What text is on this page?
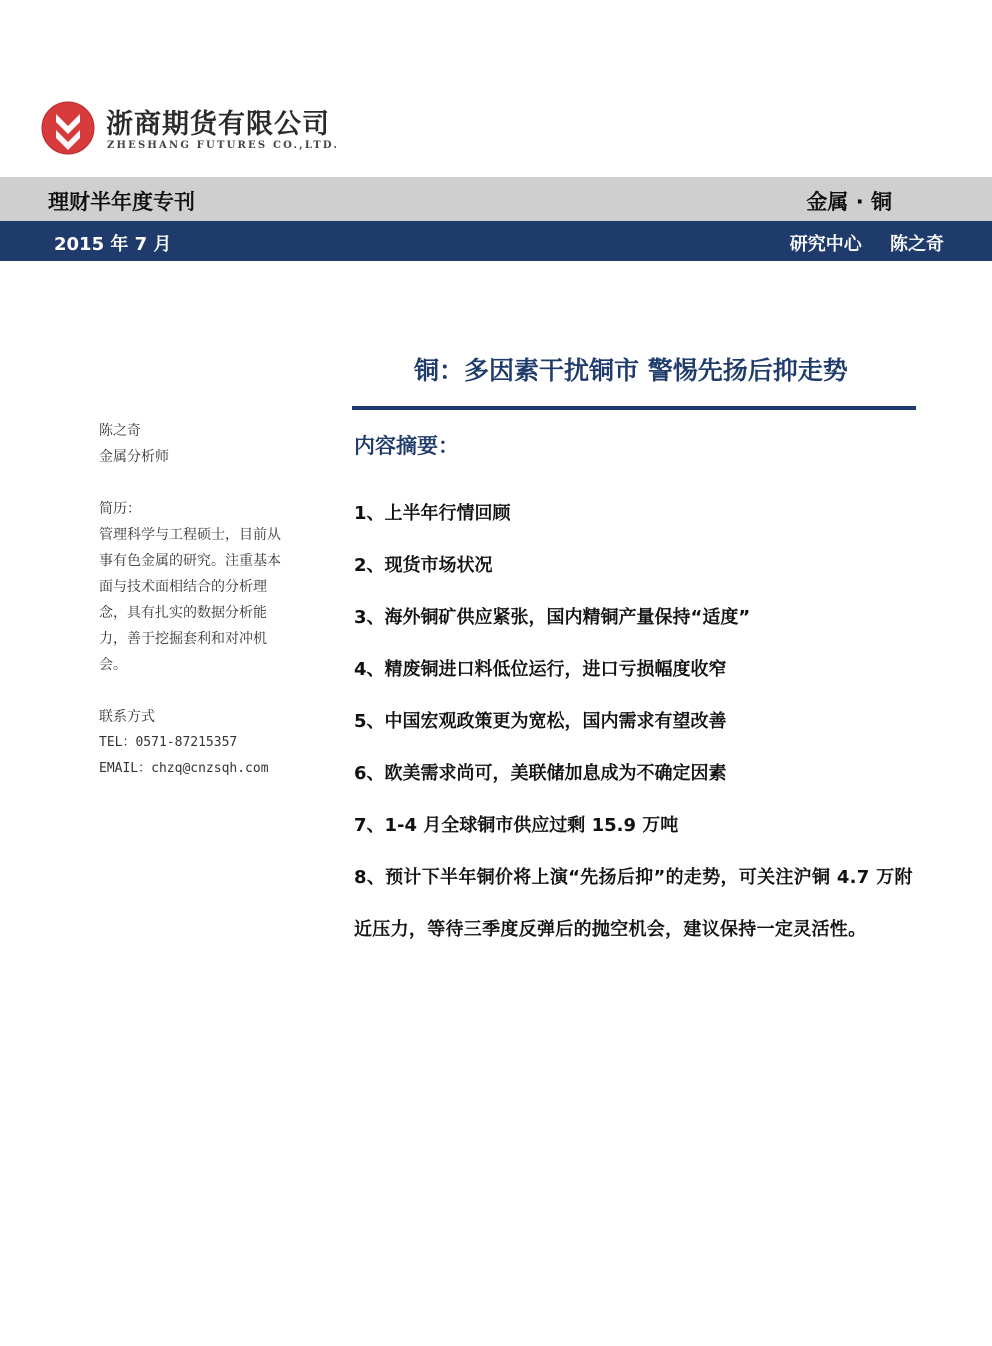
浙商期货有限公司
ZHESHANG FUTURES CO.,LTD.
理财半年度专刊	金属 · 铜
2015 年 7 月	研究中心 陈之奇
铜：多因素干扰铜市 警惕先扬后抑走势
陈之奇
金属分析师
简历：
管理科学与工程硕士，目前从
事有色金属的研究。注重基本
面与技术面相结合的分析理
念，具有扎实的数据分析能
力，善于挖掘套利和对冲机
会。
联系方式
TEL：0571-87215357
EMAIL：chzq@cnzsqh.com
内容摘要：
1、上半年行情回顾
2、现货市场状况
3、海外铜矿供应紧张，国内精铜产量保持“适度”
4、精废铜进口料低位运行，进口亏损幅度收窄
5、中国宏观政策更为宽松，国内需求有望改善
6、欧美需求尚可，美联储加息成为不确定因素
7、1-4 月全球铜市供应过剩 15.9 万吨
8、预计下半年铜价将上演“先扬后抑”的走势，可关注沪铜 4.7 万附近压力，等待三季度反弹后的抛空机会，建议保持一定灵活性。
